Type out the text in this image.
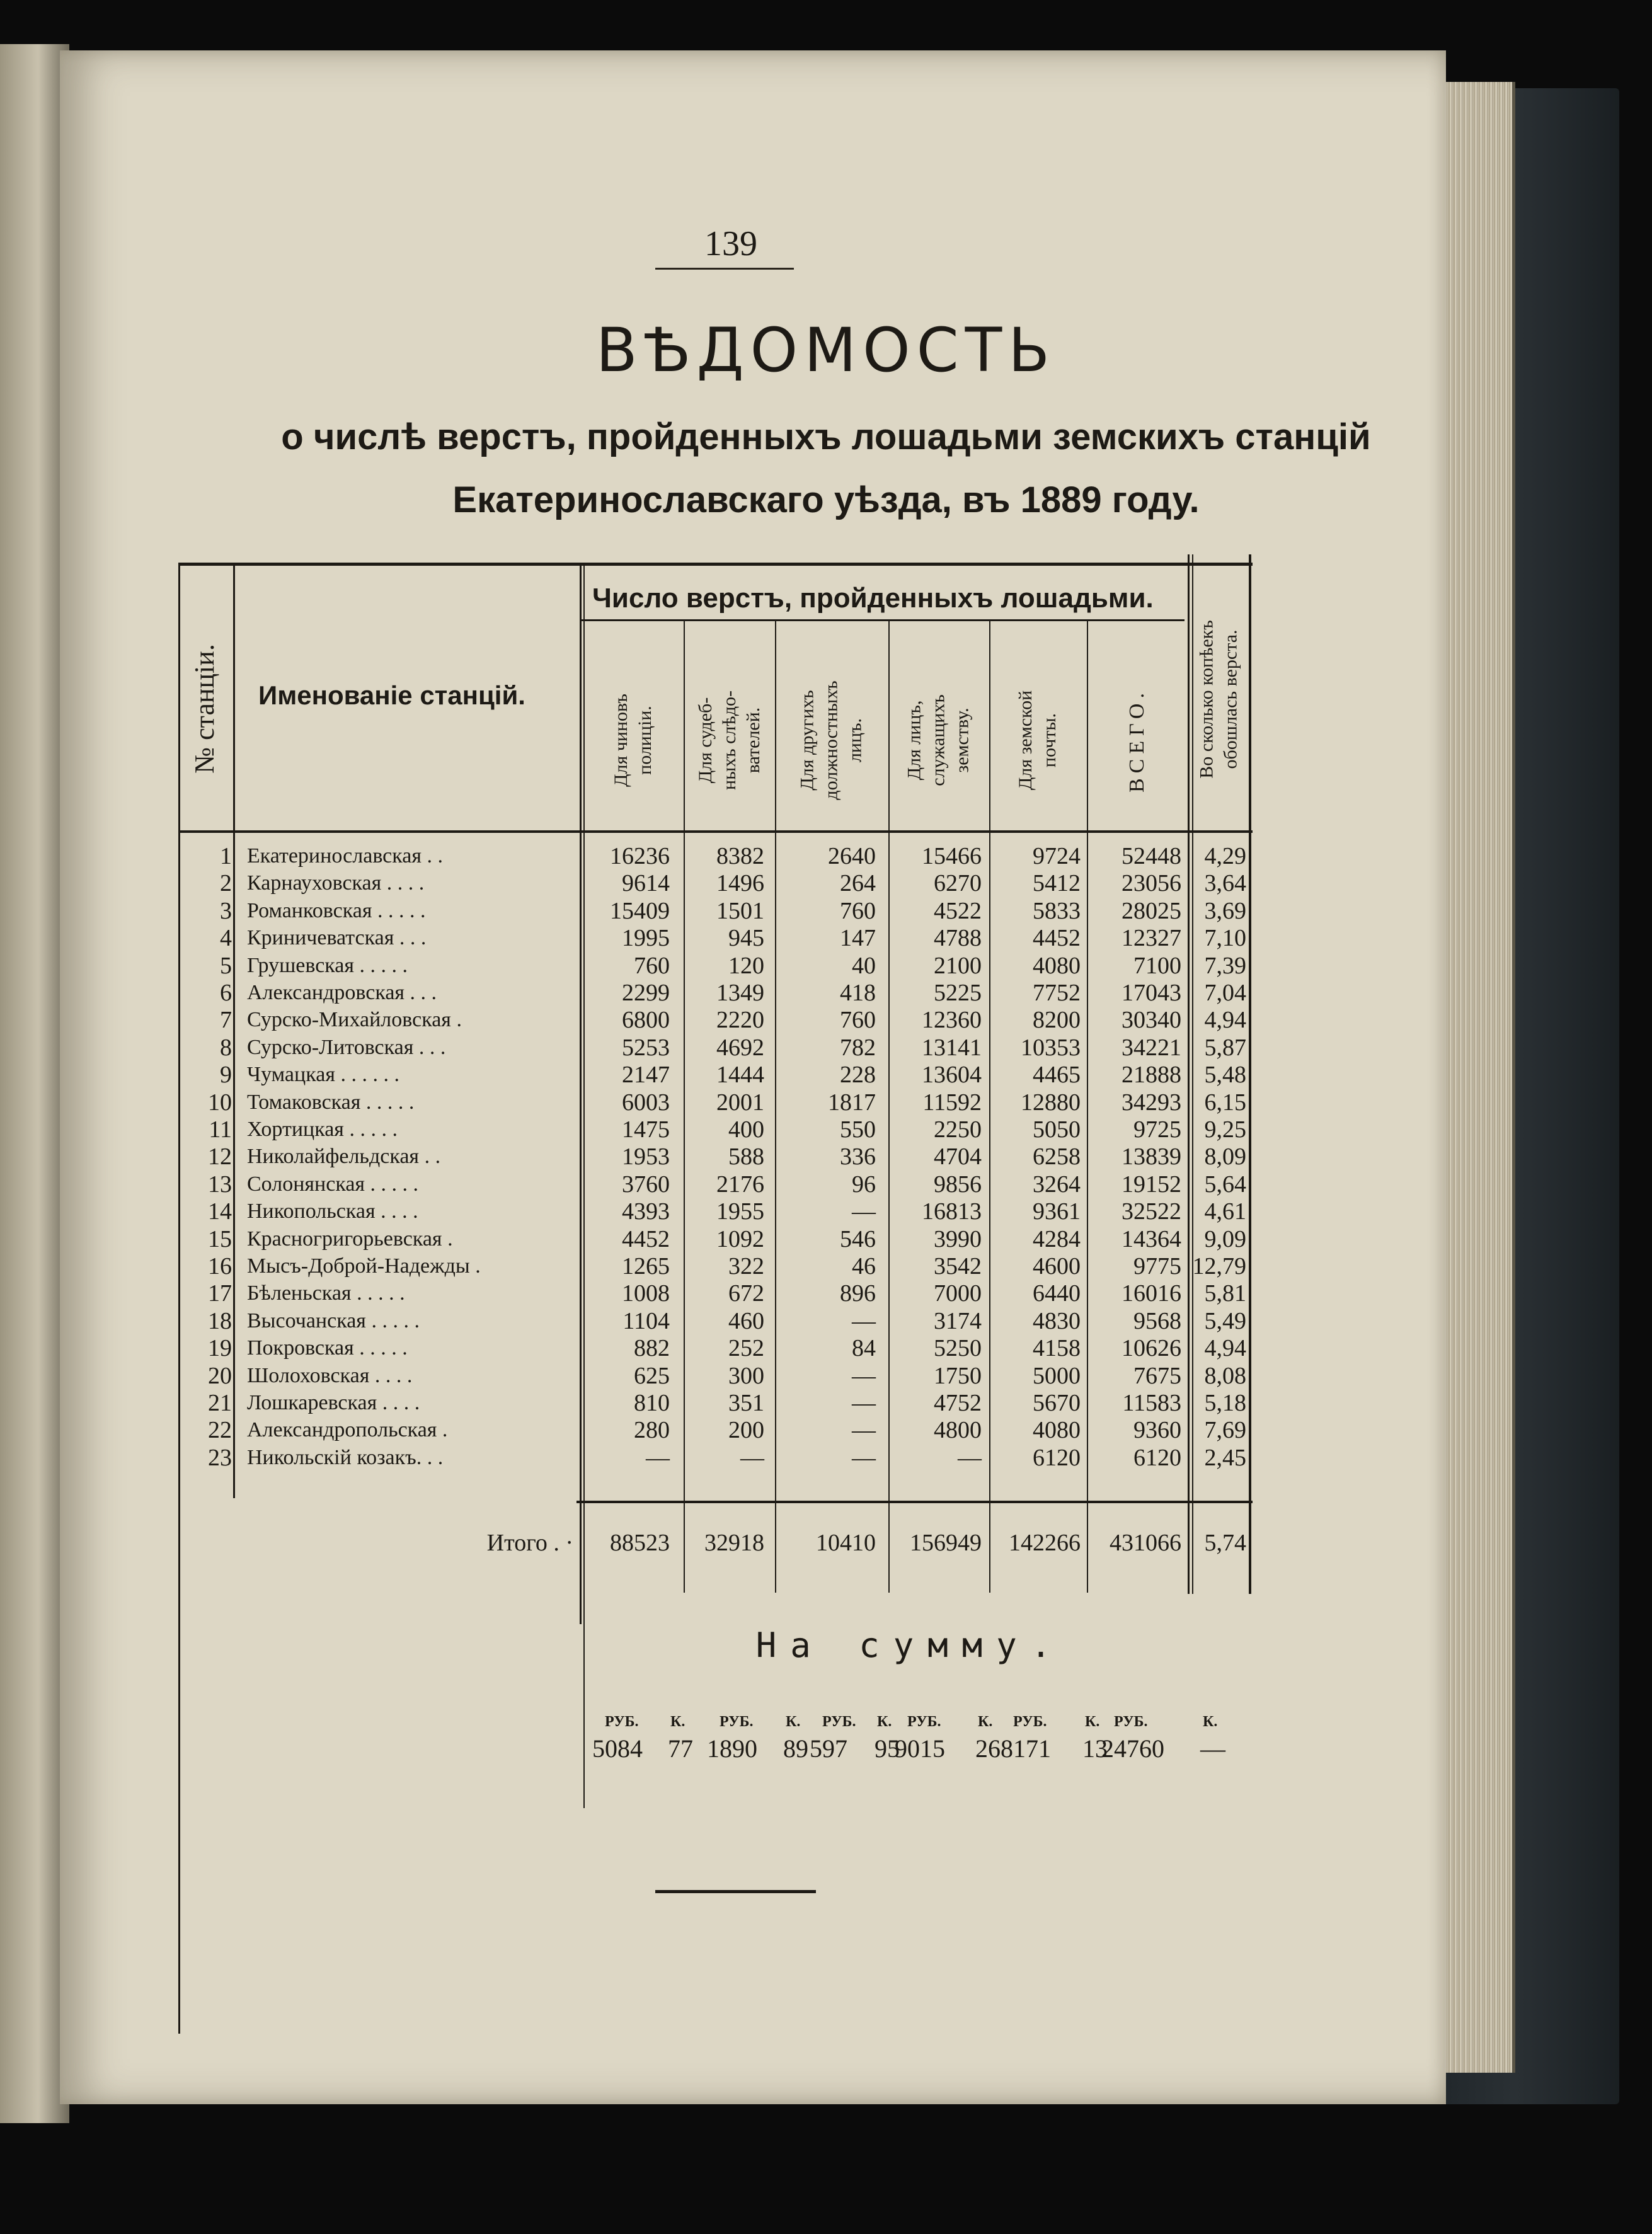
139
ВѢДОМОСТЬ
о числѣ верстъ, пройденныхъ лошадьми земскихъ станцій
Екатеринославскаго уѣзда, въ 1889 году.
№ станціи. Именованіе станцій.
Число верстъ, пройденныхъ лошадьми.
Для чиновъ полиціи. Для судеб- ныхъ слѣдо- вателей. Для другихъ должностныхъ лицъ. Для лицъ, служащихъ земству. Для земской почты.	ВСЕГО.	Во сколько копѣекъ обошлась верста.
1 Екатеринославская . .	16236	8382	2640	15466	9724	52448 4,29
2 Карнауховская . . . .	9614	1496	264	6270	5412	23056 3,64
3 Романковская . . . . .	15409	1501	760	4522	5833	28025 3,69
4 Криничеватская . . .	1995	945	147	4788	4452	12327 7,10
5 Грушевская . . . . .	760	120	40	2100	4080	7100 7,39
6 Александровская . . .	2299	1349	418	5225	7752	17043 7,04
7 Сурско-Михайловская .	6800	2220	760	12360	8200	30340 4,94
8 Сурско-Литовская . . .	5253	4692	782	13141	10353	34221 5,87
9 Чумацкая . . . . . .	2147	1444	228	13604	4465	21888 5,48
10 Томаковская . . . . .	6003	2001	1817	11592	12880	34293 6,15
11 Хортицкая . . . . .	1475	400	550	2250	5050	9725 9,25
12 Николайфельдская . .	1953	588	336	4704	6258	13839 8,09
13 Солонянская . . . . .	3760	2176	96	9856	3264	19152 5,64
14 Никопольская . . . .	4393	1955	—	16813	9361	32522 4,61
15 Красногригорьевская .	4452	1092	546	3990	4284	14364 9,09
16 Мысъ-Доброй-Надежды .	1265	322	46	3542	4600	9775 12,79
17 Бѣленьская . . . . .	1008	672	896	7000	6440	16016 5,81
18 Высочанская . . . . .	1104	460	—	3174	4830	9568 5,49
19 Покровская . . . . .	882	252	84	5250	4158	10626 4,94
20 Шолоховская . . . .	625	300	—	1750	5000	7675 8,08
21 Лошкаревская . . . .	810	351	—	4752	5670	11583 5,18
22 Александропольская .	280	200	—	4800	4080	9360 7,69
23 Никольскій козакъ. . .	—	—	—	—	6120	6120 2,45
Итого . ·	88523	32918	10410	156949	142266	431066 5,74
На сумму.
РУБ. К.
5084 77
РУБ. К.
1890 89
РУБ. К.
597 95
РУБ. К.
9015 26
РУБ.	К.
8171 13
РУБ.	К.
24760 —
